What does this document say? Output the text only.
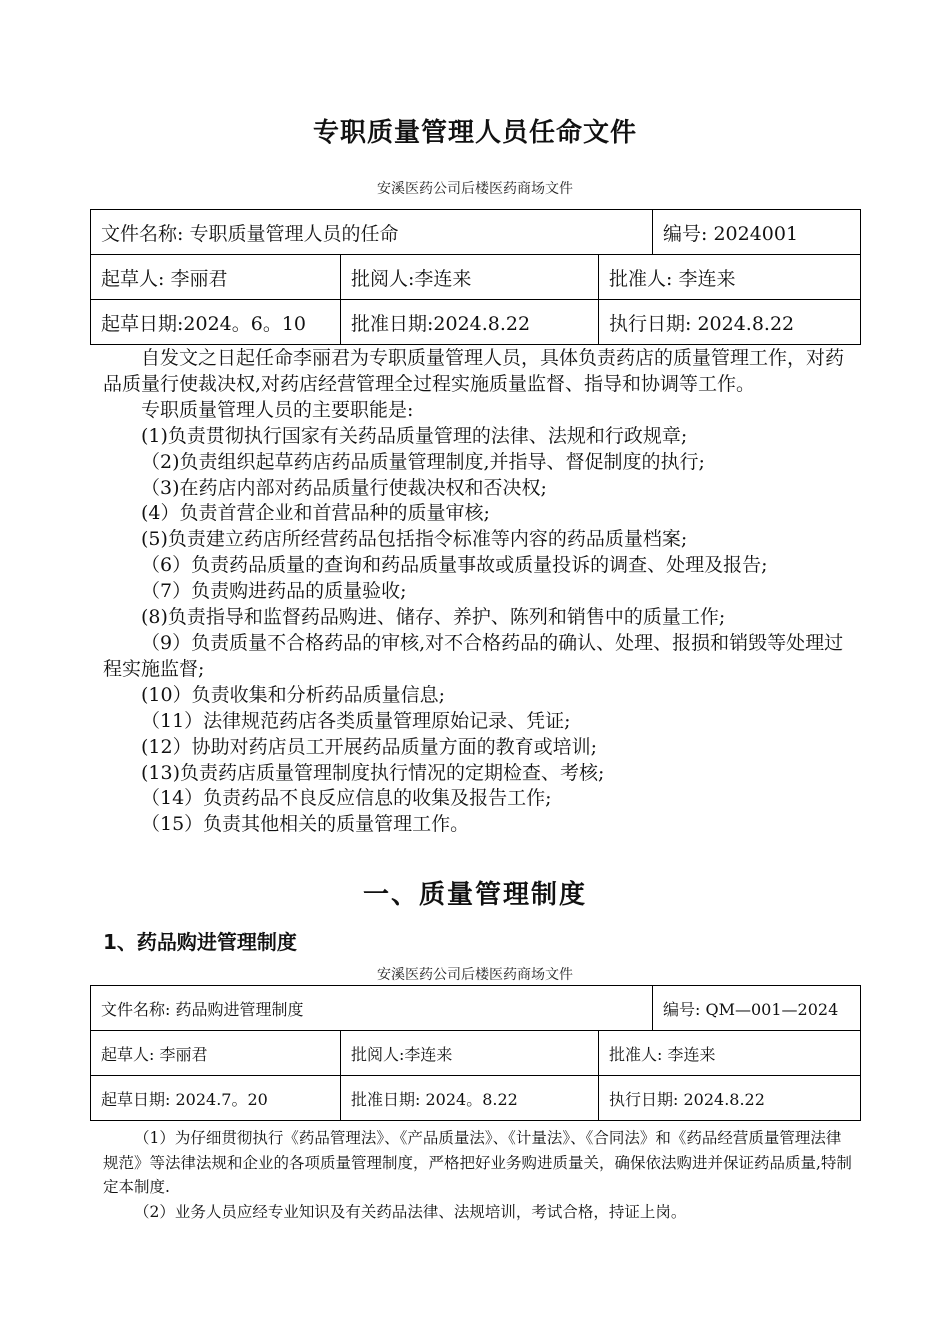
专职质量管理人员任命文件
安溪医药公司后楼医药商场文件
文件名称: 专职质量管理人员的任命			编号: 2024001
起草人: 李丽君	批阅人:李连来	批准人: 李连来	
起草日期:2024。6。10	批准日期:2024.8.22	执行日期: 2024.8.22	

自发文之日起任命李丽君为专职质量管理人员，具体负责药店的质量管理工作，对药品质量行使裁决权,对药店经营管理全过程实施质量监督、指导和协调等工作。

专职质量管理人员的主要职能是:

(1)负责贯彻执行国家有关药品质量管理的法律、法规和行政规章;

（2)负责组织起草药店药品质量管理制度,并指导、督促制度的执行;

（3)在药店内部对药品质量行使裁决权和否决权;

(4）负责首营企业和首营品种的质量审核;

(5)负责建立药店所经营药品包括指令标准等内容的药品质量档案;

（6）负责药品质量的查询和药品质量事故或质量投诉的调查、处理及报告;

（7）负责购进药品的质量验收;

(8)负责指导和监督药品购进、储存、养护、陈列和销售中的质量工作;

（9）负责质量不合格药品的审核,对不合格药品的确认、处理、报损和销毁等处理过程实施监督;

(10）负责收集和分析药品质量信息;

（11）法律规范药店各类质量管理原始记录、凭证;

(12）协助对药店员工开展药品质量方面的教育或培训;

(13)负责药店质量管理制度执行情况的定期检查、考核;

（14）负责药品不良反应信息的收集及报告工作;

（15）负责其他相关的质量管理工作。

一、质量管理制度
1、药品购进管理制度
安溪医药公司后楼医药商场文件
文件名称: 药品购进管理制度			编号: QM—001—2024
起草人: 李丽君	批阅人:李连来	批准人: 李连来	
起草日期: 2024.7。20	批准日期: 2024。8.22	执行日期: 2024.8.22	

（1）为仔细贯彻执行《药品管理法》、《产品质量法》、《计量法》、《合同法》和《药品经营质量管理法律规范》等法律法规和企业的各项质量管理制度，严格把好业务购进质量关，确保依法购进并保证药品质量,特制定本制度.

（2）业务人员应经专业知识及有关药品法律、法规培训，考试合格，持证上岗。
